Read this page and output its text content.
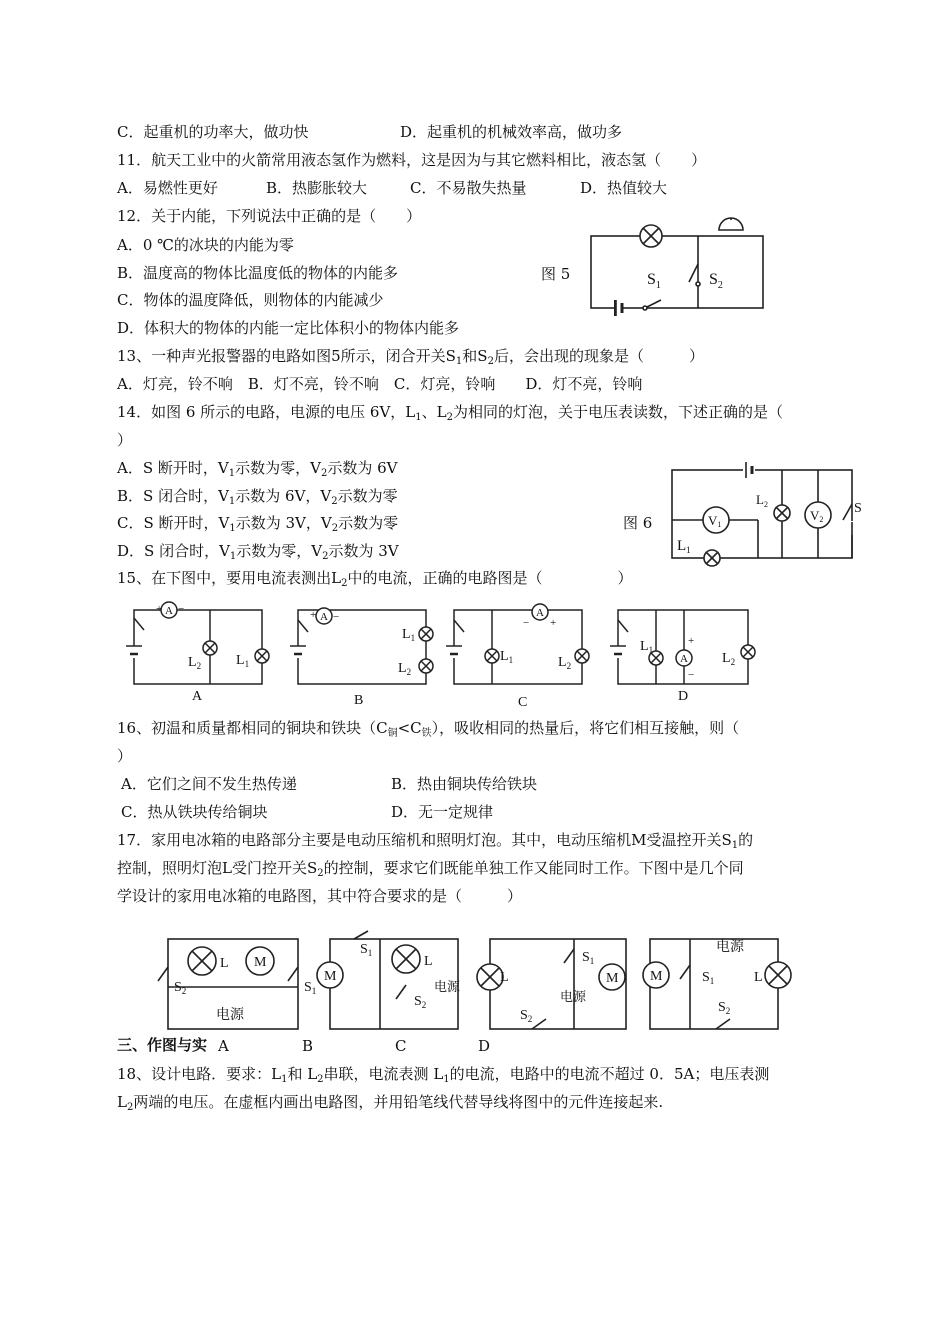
C．起重机的功率大，做功快	D．起重机的机械效率高，做功多
11．航天工业中的火箭常用液态氢作为燃料，这是因为与其它燃料相比，液态氢（　　）
A．易燃性更好	B．热膨胀较大	C．不易散失热量	D．热值较大
12．关于内能，下列说法中正确的是（　　）
A．0 ℃的冰块的内能为零
B．温度高的物体比温度低的物体的内能多
C．物体的温度降低，则物体的内能减少
D．体积大的物体的内能一定比体积小的物体内能多
图 5	$S_1$	$S_2$
13、一种声光报警器的电路如图5所示，闭合开关$S_1$和$S_2$后，会出现的现象是（　　　）
A．灯亮，铃不响　B．灯不亮，铃不响　C．灯亮，铃响　　D．灯不亮，铃响
14．如图 6 所示的电路，电源的电压 6V，$L_1$、$L_2$为相同的灯泡，关于电压表读数，下述正确的是（
）
A．S 断开时，$V_1$示数为零，$V_2$示数为 6V
B．S 闭合时，$V_1$示数为 6V，$V_2$示数为零
C．S 断开时，$V_1$示数为 3V，$V_2$示数为零
D．S 闭合时，$V_1$示数为零，$V_2$示数为 3V
图 6	V1
V2
$L_1$
$L_2$	S
15、在下图中，要用电流表测出$L_2$中的电流，正确的电路图是（　　　　　）
A	A	A
A
+ −	+ −	− +
+
−
$L_2$ $L_1$
$L_1$
$L_2$
$L_1$	$L_2$
$L_1$
$L_2$
A	B	C	D
16、初温和质量都相同的铜块和铁块$(C_铜<C_铁)$，吸收相同的热量后，将它们相互接触，则（
）
A．它们之间不发生热传递	B．热由铜块传给铁块
C．热从铁块传给铜块	D．无一定规律
17．家用电冰箱的电路部分主要是电动压缩机和照明灯泡。其中，电动压缩机M受温控开关$S_1$的
控制，照明灯泡L受门控开关$S_2$的控制，要求它们既能单独工作又能同时工作。下图中是几个同
学设计的家用电冰箱的电路图，其中符合要求的是（　　　）
L M
$S_2$	$S_1$
M
L
$S_1$
$S_2$
L	M
$S_1$
$S_2$
M	L
$S_1$
$S_2$
电源
电源
电源
电源
三、作图与实 A	B	C	D
18、设计电路．要求：$L_1$和 $L_2$串联，电流表测 $L_1$的电流，电路中的电流不超过 0．5A；电压表测
$L_2$两端的电压。在虚框内画出电路图，并用铅笔线代替导线将图中的元件连接起来.
